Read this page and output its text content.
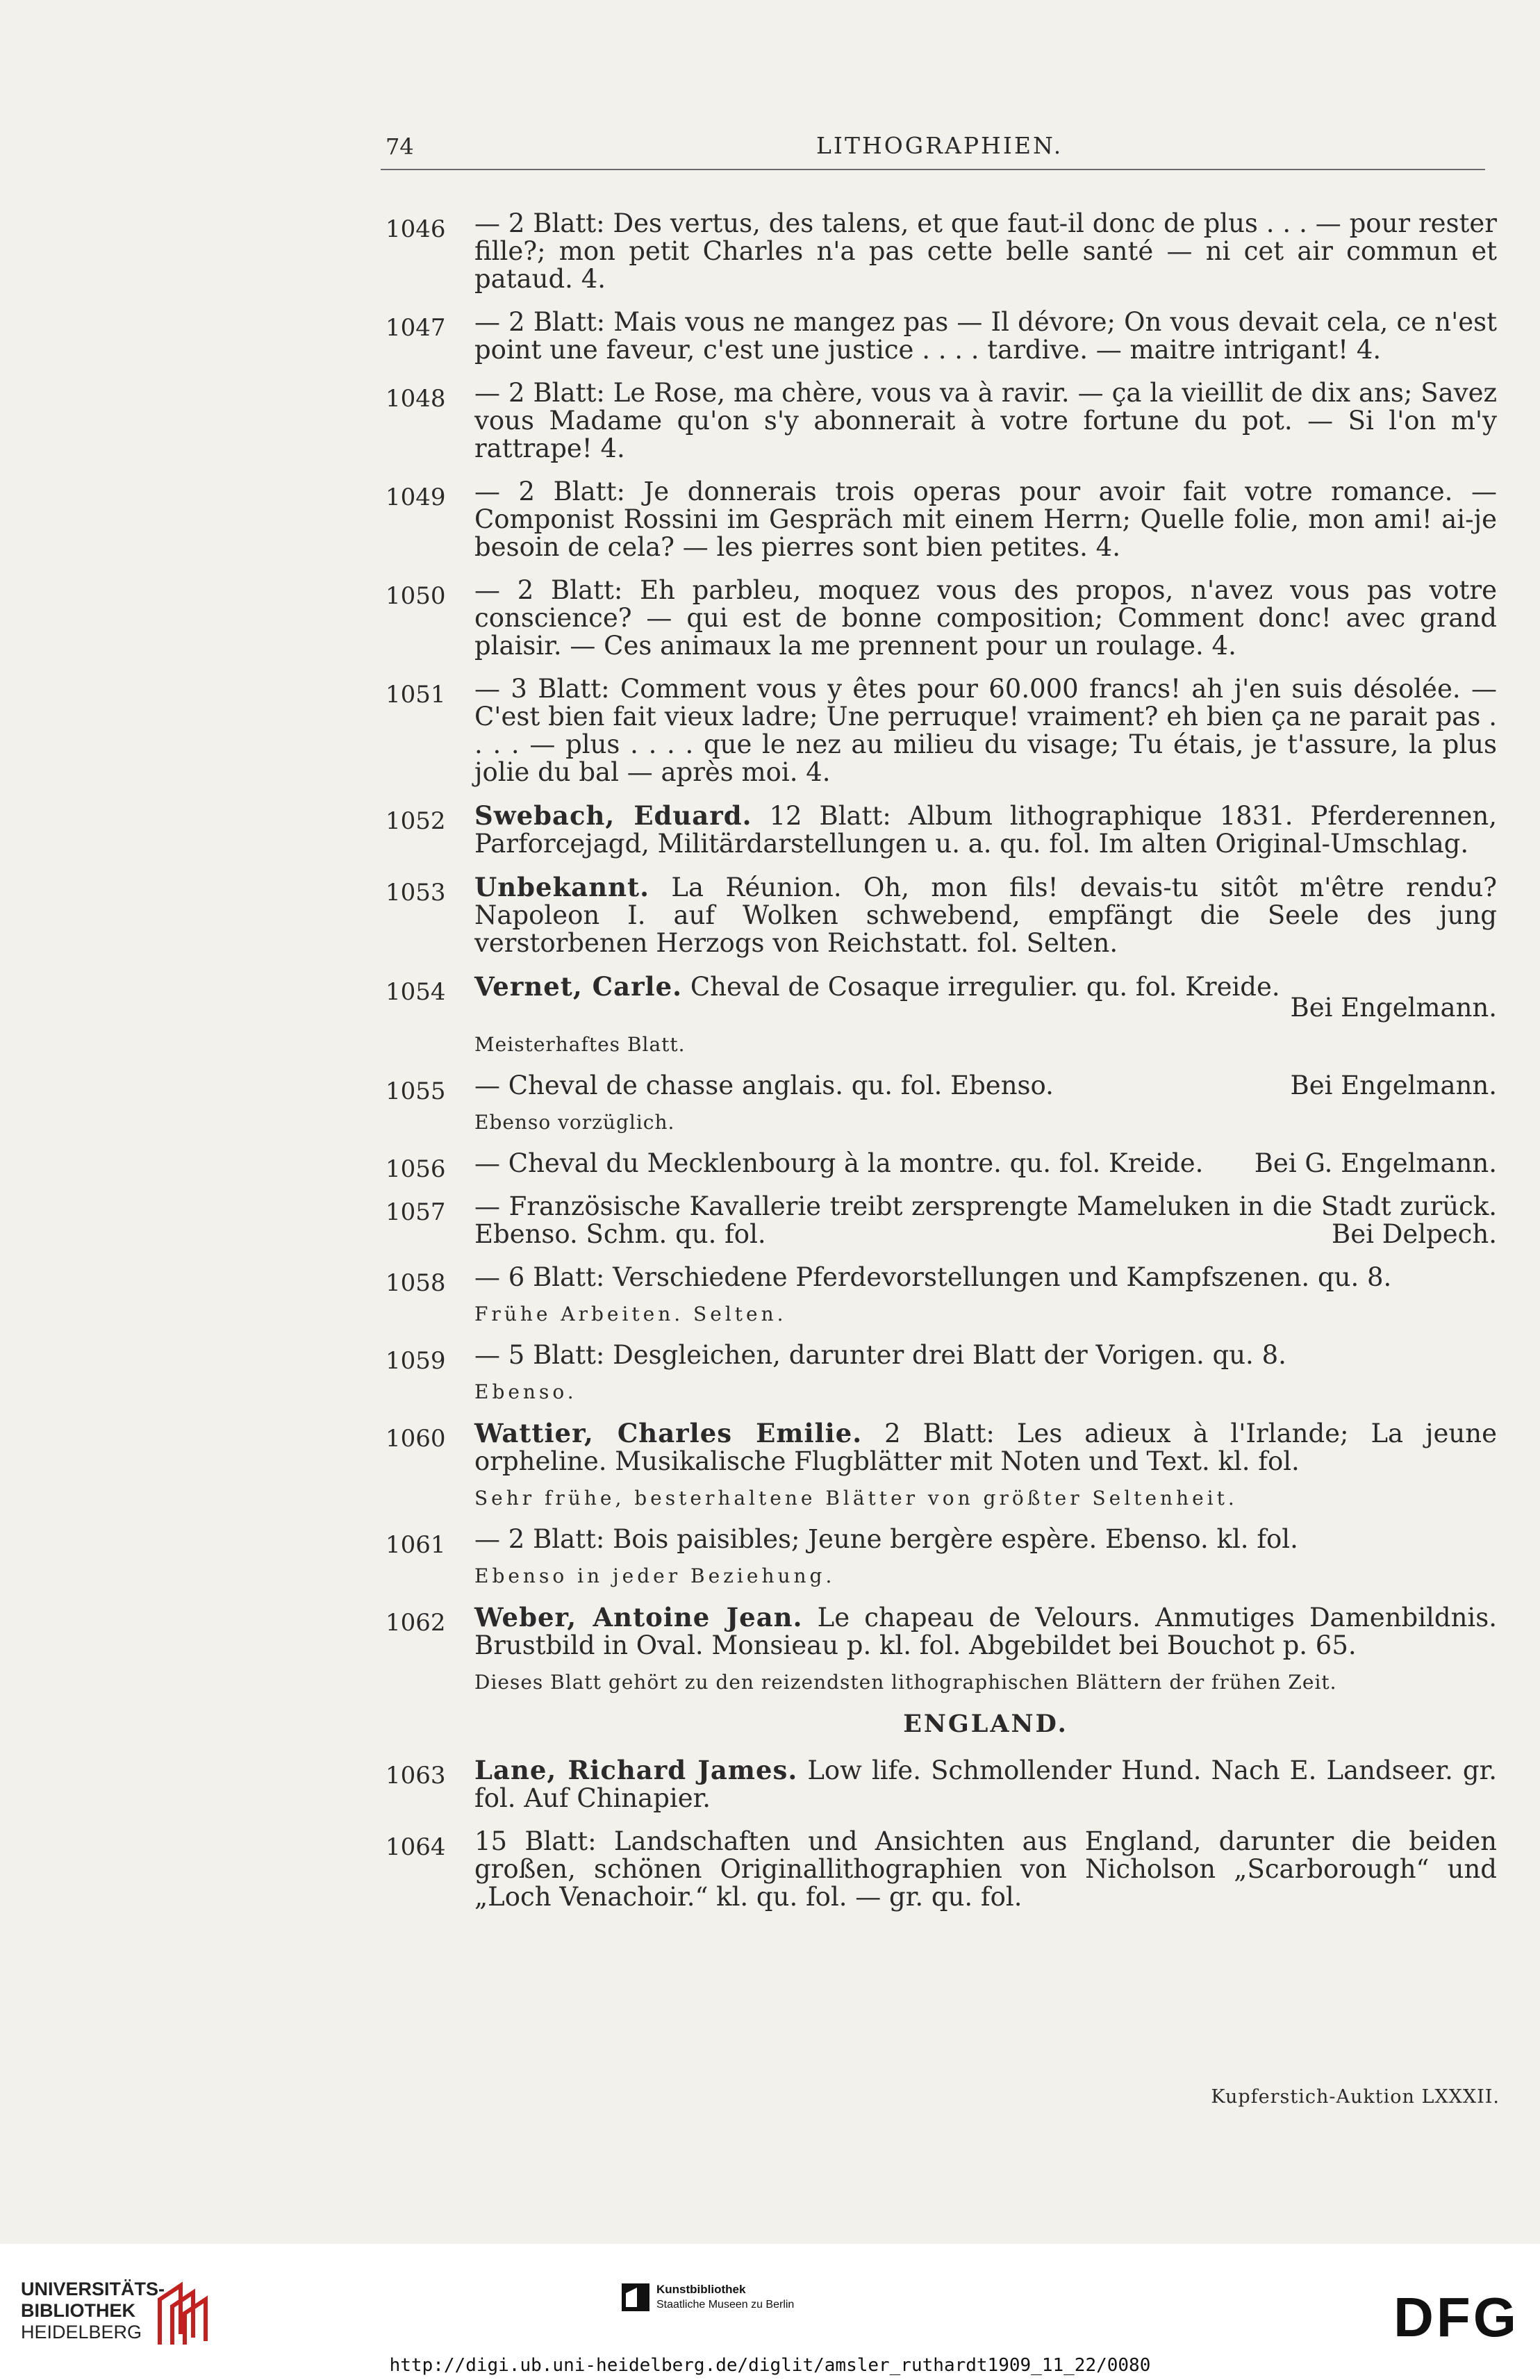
74	LITHOGRAPHIEN.
1046 — 2 Blatt: Des vertus, des talens, et que faut-il donc de plus . . . — pour rester fille?; mon petit Charles n'a pas cette belle santé — ni cet air commun et pataud. 4.
1047 — 2 Blatt: Mais vous ne mangez pas — Il dévore; On vous devait cela, ce n'est point une faveur, c'est une justice . . . . tardive. — maitre intrigant! 4.
1048 — 2 Blatt: Le Rose, ma chère, vous va à ravir. — ça la vieillit de dix ans; Savez vous Madame qu'on s'y abonnerait à votre fortune du pot. — Si l'on m'y rattrape! 4.
1049 — 2 Blatt: Je donnerais trois operas pour avoir fait votre romance. — Componist Rossini im Gespräch mit einem Herrn; Quelle folie, mon ami! ai-je besoin de cela? — les pierres sont bien petites. 4.
1050 — 2 Blatt: Eh parbleu, moquez vous des propos, n'avez vous pas votre conscience? — qui est de bonne composition; Comment donc! avec grand plaisir. — Ces animaux la me prennent pour un roulage. 4.
1051 — 3 Blatt: Comment vous y êtes pour 60.000 francs! ah j'en suis désolée. — C'est bien fait vieux ladre; Une perruque! vraiment? eh bien ça ne parait pas . . . . — plus . . . . que le nez au milieu du visage; Tu étais, je t'assure, la plus jolie du bal — après moi. 4.
1052 Swebach, Eduard. 12 Blatt: Album lithographique 1831. Pferderennen, Parforcejagd, Militärdarstellungen u. a. qu. fol. Im alten Original-Umschlag.
1053 Unbekannt. La Réunion. Oh, mon fils! devais-tu sitôt m'être rendu? Napoleon I. auf Wolken schwebend, empfängt die Seele des jung verstorbenen Herzogs von Reichstatt. fol. Selten.
1054 Vernet, Carle. Cheval de Cosaque irregulier. qu. fol. Kreide.
Bei Engelmann.
Meisterhaftes Blatt.
1055 — Cheval de chasse anglais. qu. fol. Ebenso.	Bei Engelmann.
Ebenso vorzüglich.
1056 — Cheval du Mecklenbourg à la montre. qu. fol. Kreide. Bei G. Engelmann.
1057 — Französische Kavallerie treibt zersprengte Mameluken in die Stadt zurück. Ebenso. Schm. qu. fol.	Bei Delpech.
1058 — 6 Blatt: Verschiedene Pferdevorstellungen und Kampfszenen. qu. 8.
Frühe Arbeiten. Selten.
1059 — 5 Blatt: Desgleichen, darunter drei Blatt der Vorigen. qu. 8.
Ebenso.
1060 Wattier, Charles Emilie. 2 Blatt: Les adieux à l'Irlande; La jeune orpheline. Musikalische Flugblätter mit Noten und Text. kl. fol.
Sehr frühe, besterhaltene Blätter von größter Seltenheit.
1061 — 2 Blatt: Bois paisibles; Jeune bergère espère. Ebenso. kl. fol.
Ebenso in jeder Beziehung.
1062 Weber, Antoine Jean. Le chapeau de Velours. Anmutiges Damenbildnis. Brustbild in Oval. Monsieau p. kl. fol. Abgebildet bei Bouchot p. 65.
Dieses Blatt gehört zu den reizendsten lithographischen Blättern der frühen Zeit.
ENGLAND.
1063 Lane, Richard James. Low life. Schmollender Hund. Nach E. Landseer. gr. fol. Auf Chinapier.
1064 15 Blatt: Landschaften und Ansichten aus England, darunter die beiden großen, schönen Originallithographien von Nicholson „Scarborough“ und „Loch Venachoir.“ kl. qu. fol. — gr. qu. fol.
Kupferstich-Auktion LXXXII.
UNIVERSITÄTS-
BIBLIOTHEK
HEIDELBERG
Kunstbibliothek
Staatliche Museen zu Berlin	DFG
http://digi.ub.uni-heidelberg.de/diglit/amsler_ruthardt1909_11_22/0080
